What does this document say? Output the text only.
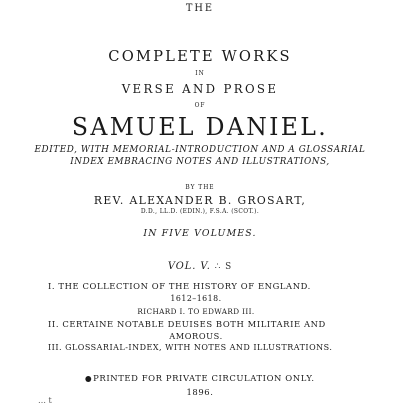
THE
COMPLETE WORKS
IN
VERSE AND PROSE
OF
SAMUEL DANIEL.
EDITED, WITH MEMORIAL-INTRODUCTION AND A GLOSSARIAL
INDEX EMBRACING NOTES AND ILLUSTRATIONS,
BY THE
REV. ALEXANDER B. GROSART,
D.D., LL.D. (EDIN.), F.S.A. (SCOT.).
IN FIVE VOLUMES.
VOL. V. ∴ S
I. THE COLLECTION OF THE HISTORY OF ENGLAND.
1612–1618.
RICHARD I. TO EDWARD III.
II. CERTAINE NOTABLE DEUISES BOTH MILITARIE AND
AMOROUS.
III. GLOSSARIAL-INDEX, WITH NOTES AND ILLUSTRATIONS.
PRINTED FOR PRIVATE CIRCULATION ONLY.
1896.
… t
